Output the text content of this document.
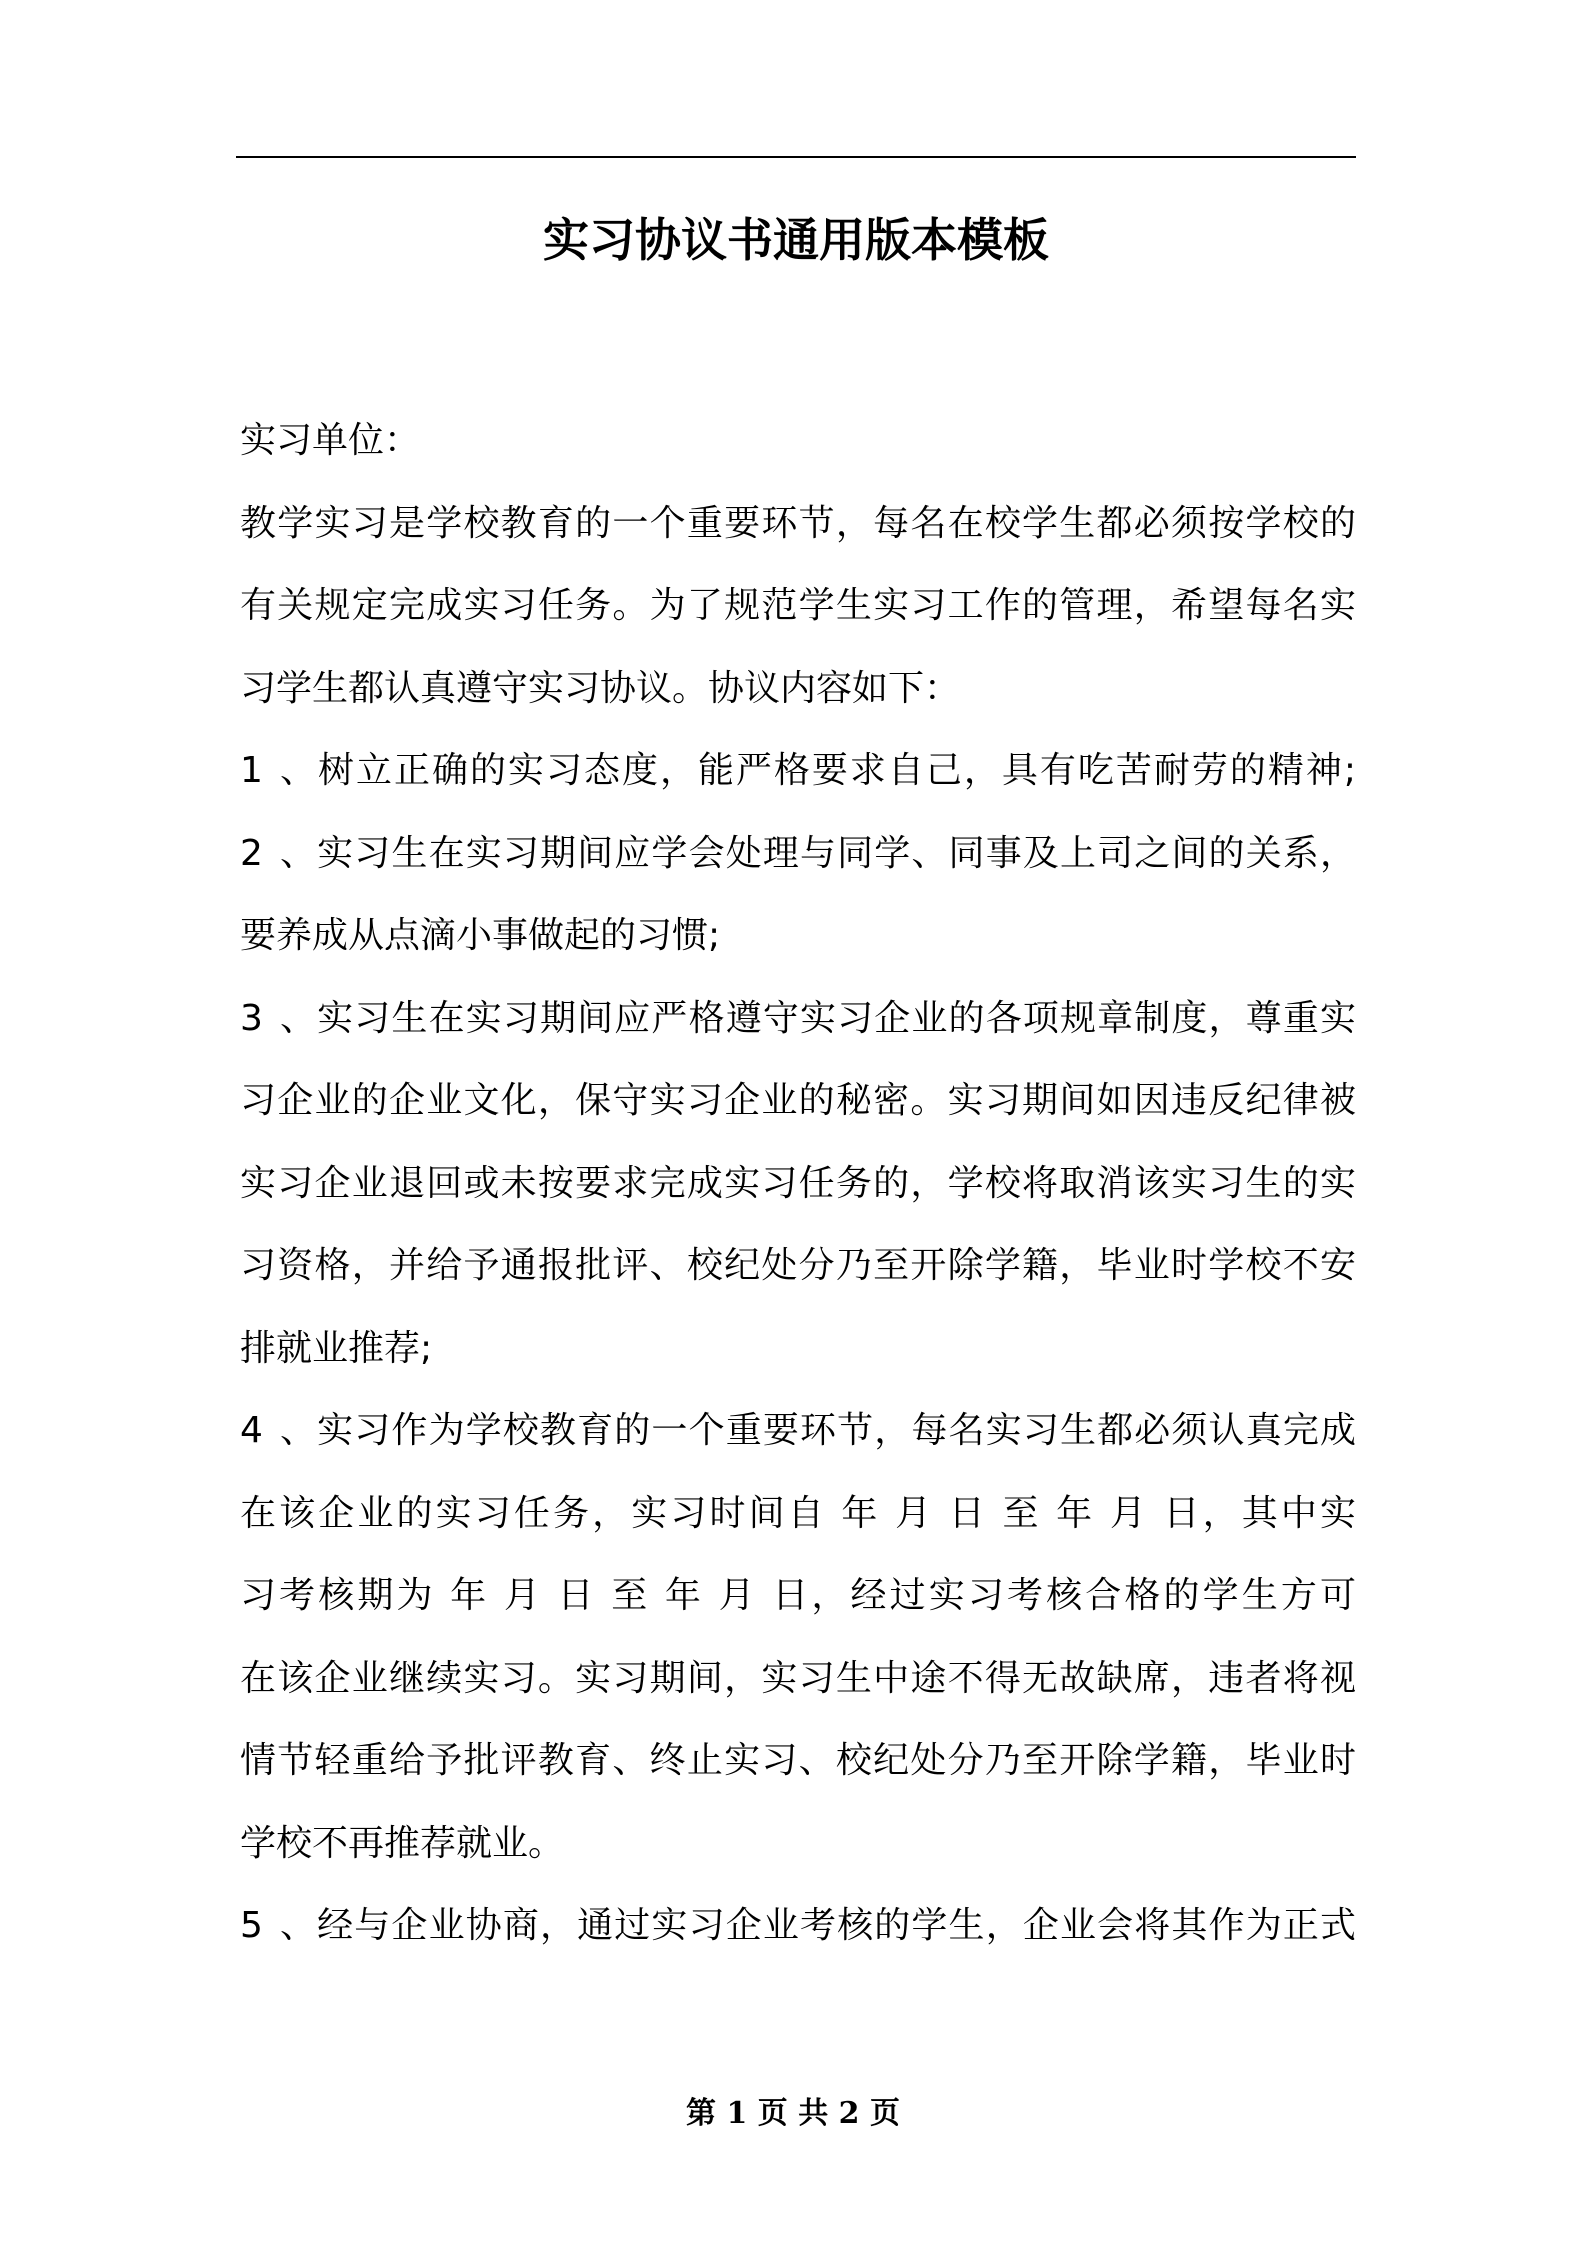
实习协议书通用版本模板
实习单位：
教学实习是学校教育的一个重要环节，每名在校学生都必须按学校的
有关规定完成实习任务。为了规范学生实习工作的管理，希望每名实
习学生都认真遵守实习协议。协议内容如下：
1、树立正确的实习态度，能严格要求自己，具有吃苦耐劳的精神;
2、实习生在实习期间应学会处理与同学、同事及上司之间的关系，
要养成从点滴小事做起的习惯;
3、实习生在实习期间应严格遵守实习企业的各项规章制度，尊重实
习企业的企业文化，保守实习企业的秘密。实习期间如因违反纪律被
实习企业退回或未按要求完成实习任务的，学校将取消该实习生的实
习资格，并给予通报批评、校纪处分乃至开除学籍，毕业时学校不安
排就业推荐;
4、实习作为学校教育的一个重要环节，每名实习生都必须认真完成
在该企业的实习任务，实习时间自 年 月 日 至 年 月 日，其中实
习考核期为 年 月 日 至 年 月 日，经过实习考核合格的学生方可
在该企业继续实习。实习期间，实习生中途不得无故缺席，违者将视
情节轻重给予批评教育、终止实习、校纪处分乃至开除学籍，毕业时
学校不再推荐就业。
5、经与企业协商，通过实习企业考核的学生，企业会将其作为正式
第 1 页 共 2 页
